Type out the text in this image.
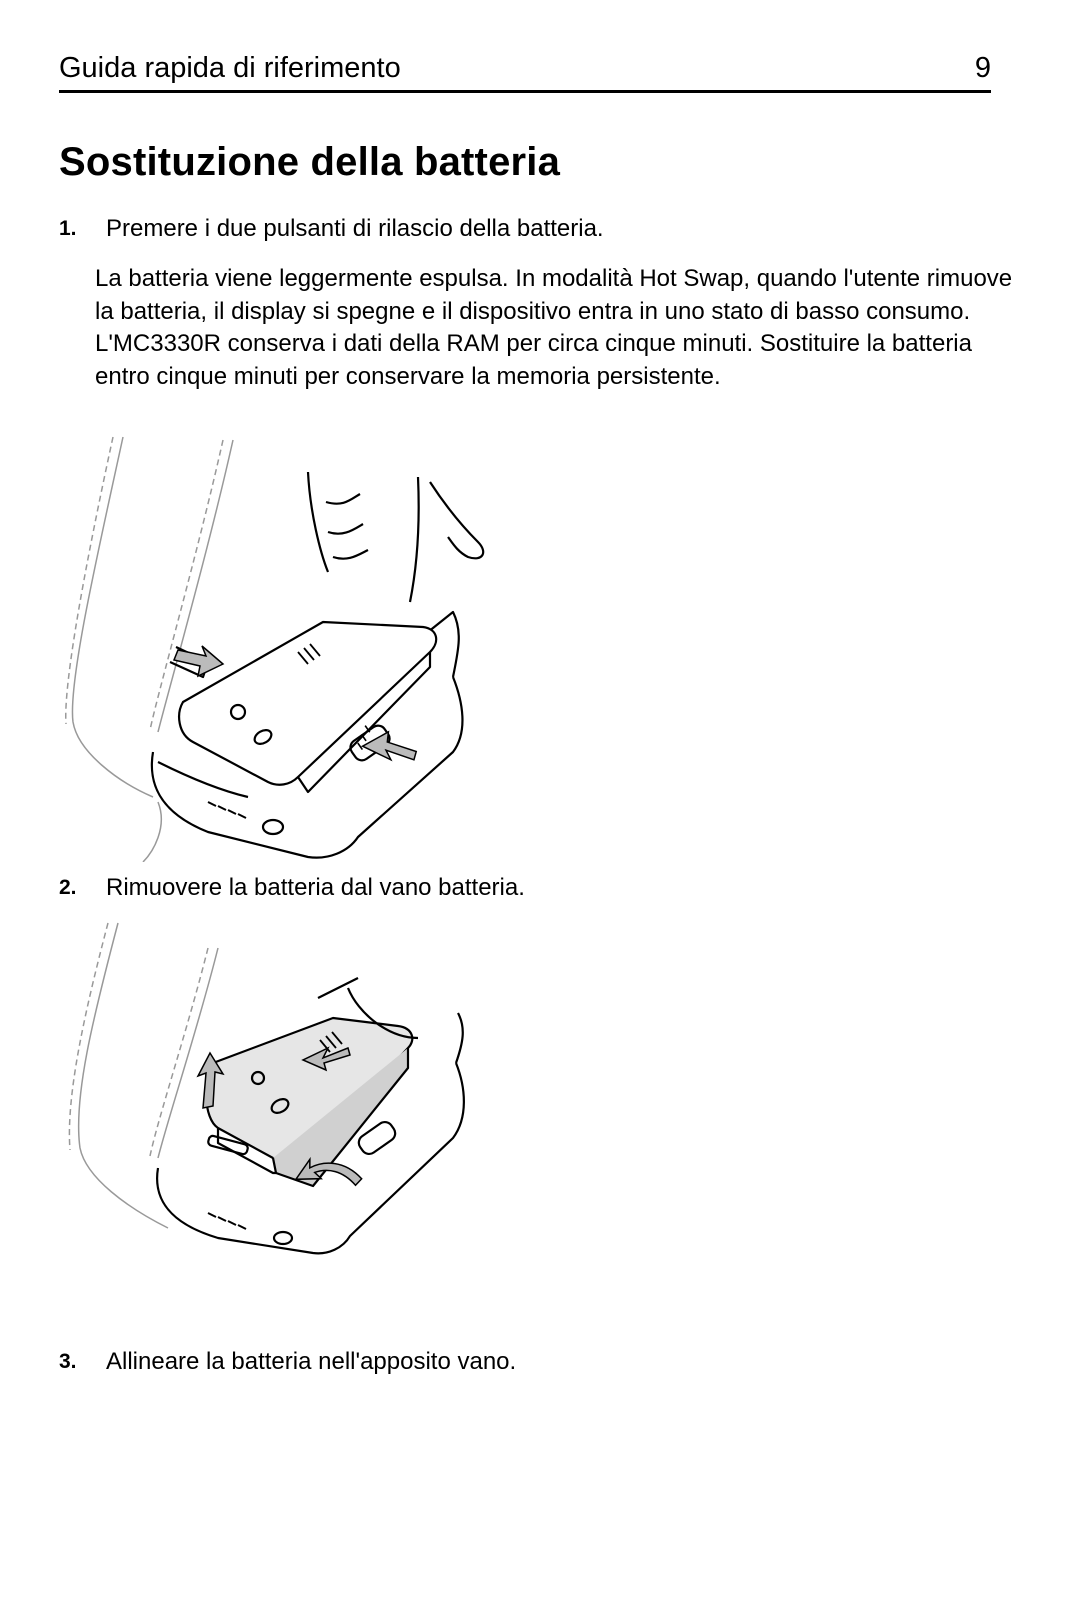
Guida rapida di riferimento	9
Sostituzione della batteria
1. Premere i due pulsanti di rilascio della batteria.
La batteria viene leggermente espulsa. In modalità Hot Swap, quando l'utente rimuove la batteria, il display si spegne e il dispositivo entra in uno stato di basso consumo. L'MC3330R conserva i dati della RAM per circa cinque minuti. Sostituire la batteria entro cinque minuti per conservare la memoria persistente.
2. Rimuovere la batteria dal vano batteria.
3. Allineare la batteria nell'apposito vano.
